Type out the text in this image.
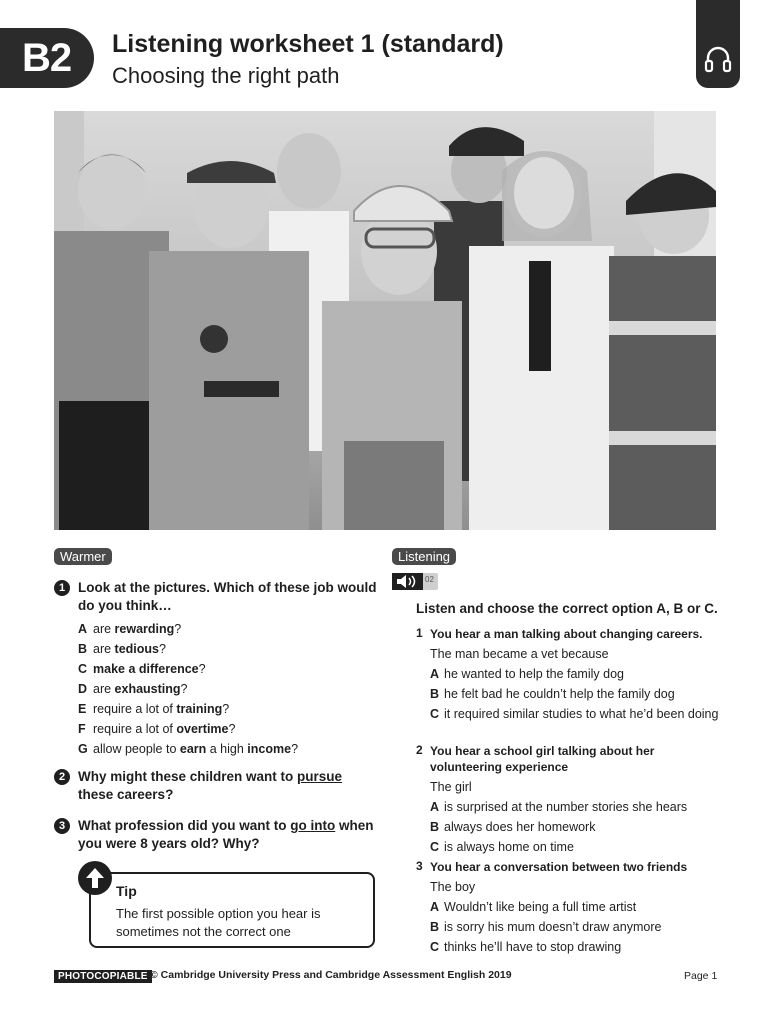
B2	Listening worksheet 1 (standard)
Choosing the right path
Warmer
1 Look at the pictures. Which of these job would do you think…
A are rewarding?
B are tedious?
C make a difference?
D are exhausting?
E require a lot of training?
F require a lot of overtime?
G allow people to earn a high income?
2 Why might these children want to pursue
these careers?
3 What profession did you want to go into when
you were 8 years old? Why?
Tip
The first possible option you hear is sometimes not the correct one
Listening
02
Listen and choose the correct option A, B or C.
1 You hear a man talking about changing careers.
The man became a vet because
A he wanted to help the family dog
B he felt bad he couldn’t help the family dog
C it required similar studies to what he’d been doing
2 You hear a school girl talking about her volunteering experience
The girl
A is surprised at the number stories she hears
B always does her homework
C is always home on time
3 You hear a conversation between two friends
The boy
A Wouldn’t like being a full time artist
B is sorry his mum doesn’t draw anymore
C thinks he’ll have to stop drawing
PHOTOCOPIABLE © Cambridge University Press and Cambridge Assessment English 2019	Page 1
